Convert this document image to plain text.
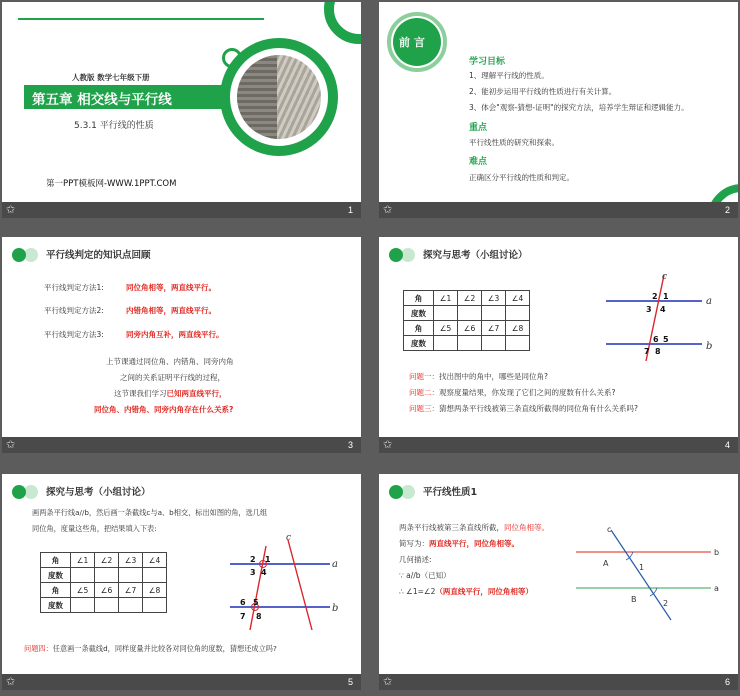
人教版 数学七年级下册
第五章 相交线与平行线
5.3.1 平行线的性质
第一PPT模板网-WWW.1PPT.COM
✩	1
前 言
学习目标
1、理解平行线的性质。
2、能初步运用平行线的性质进行有关计算。
3、体会"观察-猜想-证明"的探究方法，培养学生辩证和逻辑能力。
重点
平行线性质的研究和探索。
难点
正确区分平行线的性质和判定。
✩	2
平行线判定的知识点回顾
平行线判定方法1:	同位角相等，两直线平行。
平行线判定方法2:	内错角相等，两直线平行。
平行线判定方法3:	同旁内角互补，两直线平行。
上节课通过同位角、内错角、同旁内角
之间的关系证明平行线的过程，
这节课我们学习已知两直线平行，
同位角、内错角、同旁内角存在什么关系?
✩	3
探究与思考（小组讨论）
角	∠1	∠2	∠3	∠4
度数				
角	∠5	∠6	∠7	∠8
度数				
c
a
b
2 1
3 4
6 5
7 8
问题一：找出图中的角中，哪些是同位角?
问题二：观察度量结果，你发现了它们之间的度数有什么关系?
问题三：猜想两条平行线被第三条直线所截得的同位角有什么关系吗?
✩	4
探究与思考（小组讨论）
画两条平行线a//b，然后画一条截线c与a、b相交，标出如图的角，选几组
同位角，度量这些角，把结果填入下表:
角	∠1	∠2	∠3	∠4
度数				
角	∠5	∠6	∠7	∠8
度数				
c
a
b
2 1
3 4
6 5
7 8
问题四：任意画一条截线d，同样度量并比较各对同位角的度数，猜想还成立吗?
✩	5
平行线性质1
两条平行线被第三条直线所截，同位角相等。
简写为：两直线平行，同位角相等。
几何描述:
∵ a//b（已知）
∴ ∠1=∠2（两直线平行，同位角相等）
c
b
a
A
B
1
2
✩	6
